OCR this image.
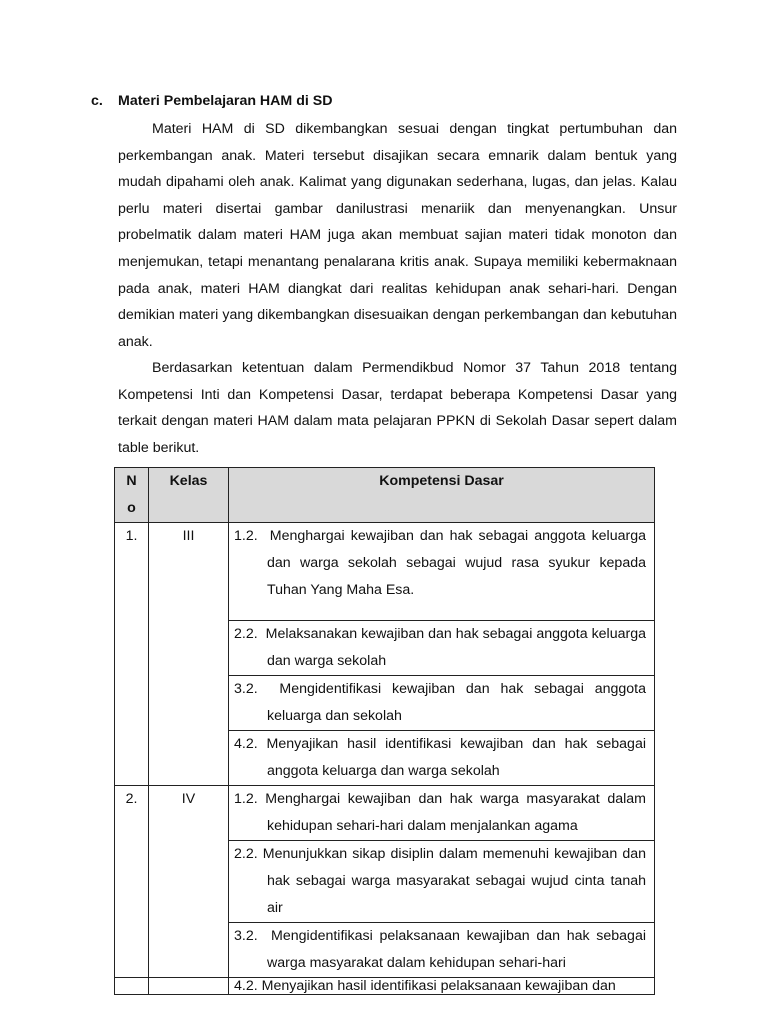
c. Materi Pembelajaran HAM di SD

Materi HAM di SD dikembangkan sesuai dengan tingkat pertumbuhan dan perkembangan anak. Materi tersebut disajikan secara emnarik dalam bentuk yang mudah dipahami oleh anak. Kalimat yang digunakan sederhana, lugas, dan jelas. Kalau perlu materi disertai gambar danilustrasi menariik dan menyenangkan. Unsur probelmatik dalam materi HAM juga akan membuat sajian materi tidak monoton dan menjemukan, tetapi menantang penalarana kritis anak. Supaya memiliki kebermaknaan pada anak, materi HAM diangkat dari realitas kehidupan anak sehari-hari. Dengan demikian materi yang dikembangkan disesuaikan dengan perkembangan dan kebutuhan anak.

Berdasarkan ketentuan dalam Permendikbud Nomor 37 Tahun 2018 tentang Kompetensi Inti dan Kompetensi Dasar, terdapat beberapa Kompetensi Dasar yang terkait dengan materi HAM dalam mata pelajaran PPKN di Sekolah Dasar sepert dalam table berikut.

N
o	Kelas	Kompetensi Dasar
1.	III	1.2. Menghargai kewajiban dan hak sebagai anggota keluarga dan warga sekolah sebagai wujud rasa syukur kepada Tuhan Yang Maha Esa.

		2.2. Melaksanakan kewajiban dan hak sebagai anggota keluarga dan warga sekolah

		3.2. Mengidentifikasi kewajiban dan hak sebagai anggota keluarga dan sekolah

		4.2. Menyajikan hasil identifikasi kewajiban dan hak sebagai anggota keluarga dan warga sekolah

2.	IV	1.2. Menghargai kewajiban dan hak warga masyarakat dalam kehidupan sehari-hari dalam menjalankan agama

		2.2. Menunjukkan sikap disiplin dalam memenuhi kewajiban dan hak sebagai warga masyarakat sebagai wujud cinta tanah air

		3.2. Mengidentifikasi pelaksanaan kewajiban dan hak sebagai warga masyarakat dalam kehidupan sehari-hari

		4.2. Menyajikan hasil identifikasi pelaksanaan kewajiban dan
